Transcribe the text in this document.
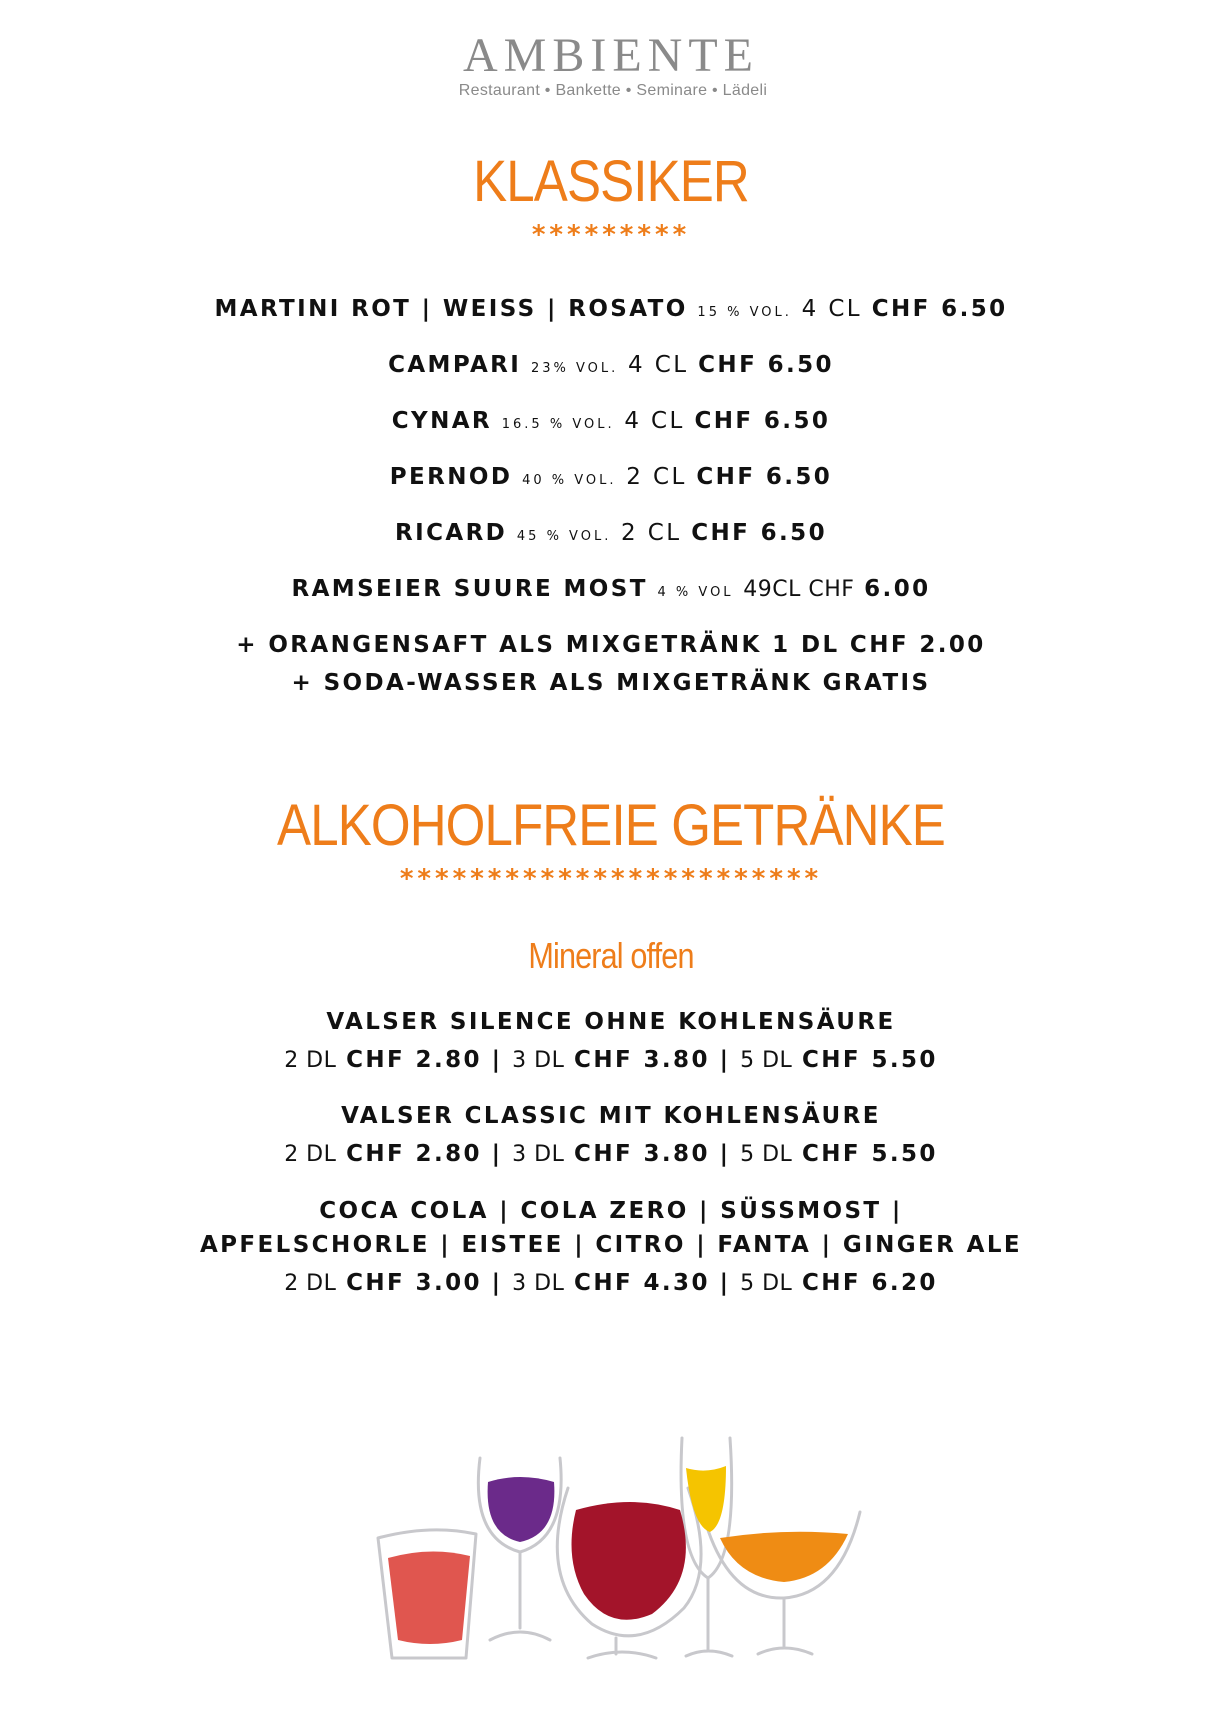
AMBIENTE
Restaurant • Bankette • Seminare • Lädeli
KLASSIKER
*********
MARTINI ROT | WEISS | ROSATO 15 % VOL. 4 CL CHF 6.50
CAMPARI 23% VOL. 4 CL CHF 6.50
CYNAR 16.5 % VOL. 4 CL CHF 6.50
PERNOD 40 % VOL. 2 CL CHF 6.50
RICARD 45 % VOL. 2 CL CHF 6.50
RAMSEIER SUURE MOST 4 % VOL 49CL CHF 6.00
+ ORANGENSAFT ALS MIXGETRÄNK 1 DL CHF 2.00
+ SODA-WASSER ALS MIXGETRÄNK GRATIS
ALKOHOLFREIE GETRÄNKE
************************
Mineral offen
VALSER SILENCE OHNE KOHLENSÄURE
2 DL CHF 2.80 | 3 DL CHF 3.80 | 5 DL CHF 5.50
VALSER CLASSIC MIT KOHLENSÄURE
2 DL CHF 2.80 | 3 DL CHF 3.80 | 5 DL CHF 5.50
COCA COLA | COLA ZERO | SÜSSMOST |
APFELSCHORLE | EISTEE | CITRO | FANTA | GINGER ALE
2 DL CHF 3.00 | 3 DL CHF 4.30 | 5 DL CHF 6.20
